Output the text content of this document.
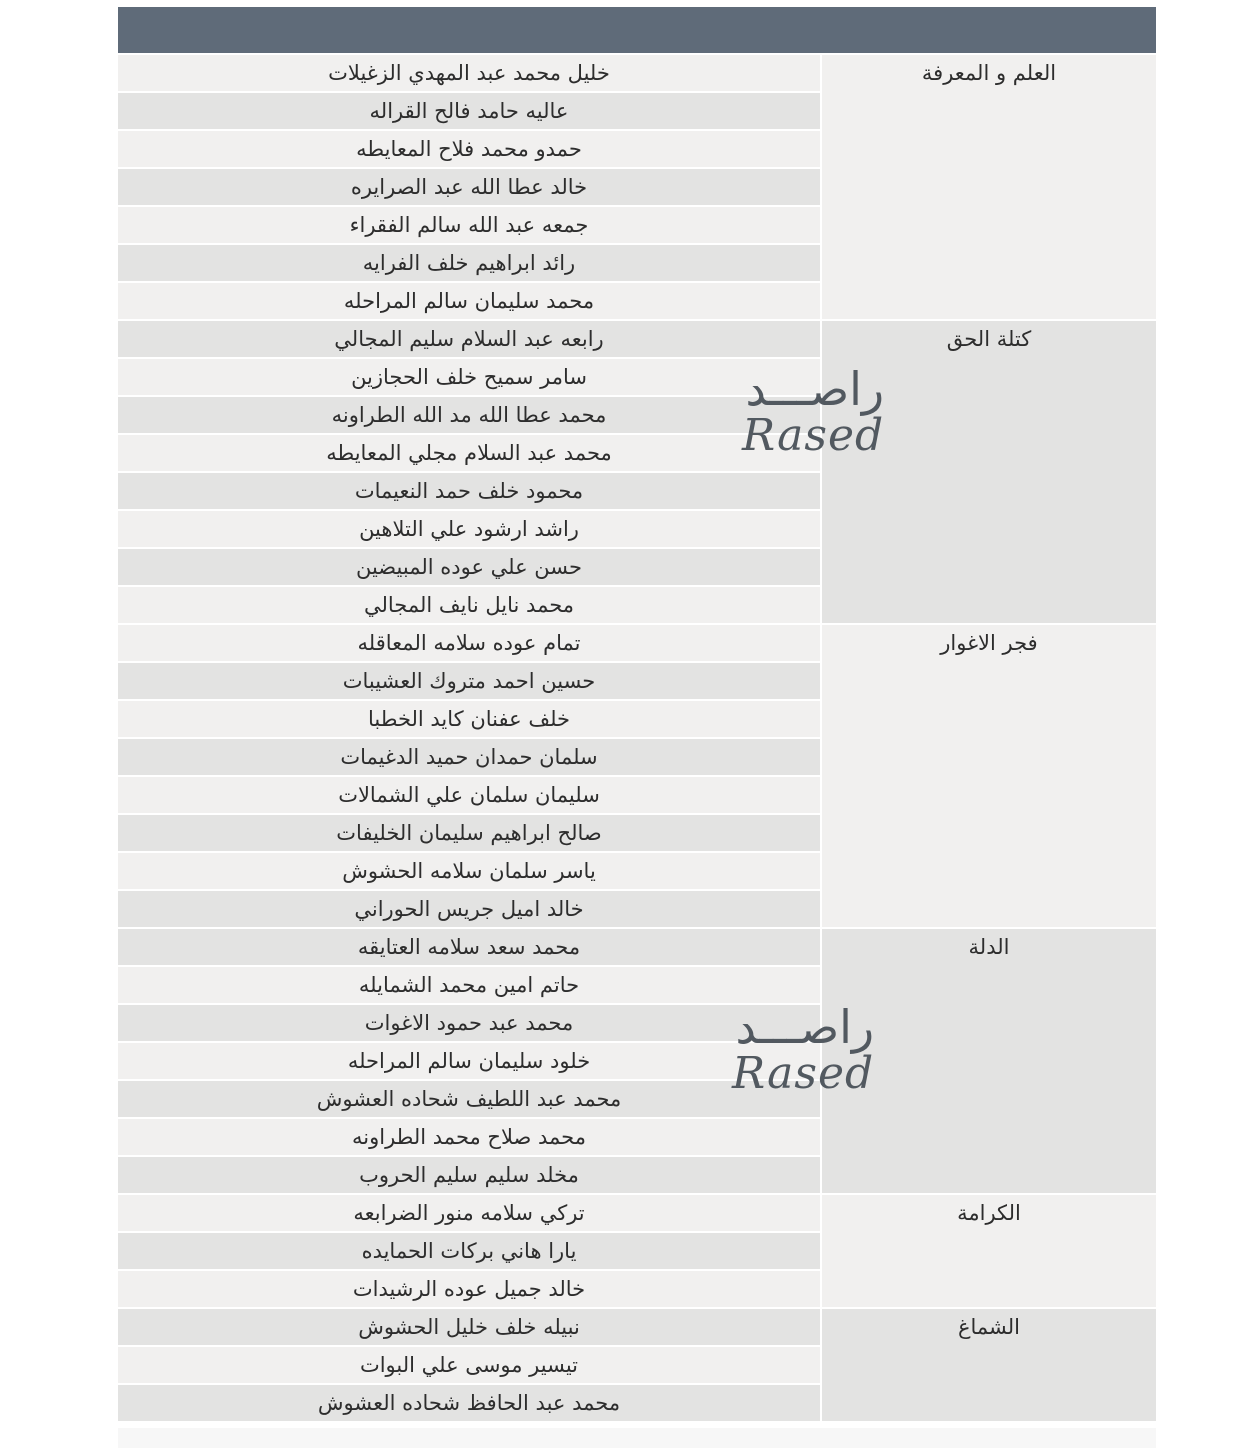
العلم و المعرفة
خليل محمد عبد المهدي الزغيلات
عاليه حامد فالح القراله
حمدو محمد فلاح المعايطه
خالد عطا الله عبد الصرايره
جمعه عبد الله سالم الفقراء
رائد ابراهيم خلف الفرايه
محمد سليمان سالم المراحله
كتلة الحق
رابعه عبد السلام سليم المجالي
سامر سميح خلف الحجازين
محمد عطا الله مد الله الطراونه
محمد عبد السلام مجلي المعايطه
محمود خلف حمد النعيمات
راشد ارشود علي التلاهين
حسن علي عوده المبيضين
محمد نايل نايف المجالي
فجر الاغوار
تمام عوده سلامه المعاقله
حسين احمد متروك العشيبات
خلف عفنان كايد الخطبا
سلمان حمدان حميد الدغيمات
سليمان سلمان علي الشمالات
صالح ابراهيم سليمان الخليفات
ياسر سلمان سلامه الحشوش
خالد اميل جريس الحوراني
الدلة
محمد سعد سلامه العتايقه
حاتم امين محمد الشمايله
محمد عبد حمود الاغوات
خلود سليمان سالم المراحله
محمد عبد اللطيف شحاده العشوش
محمد صلاح محمد الطراونه
مخلد سليم سليم الحروب
الكرامة
تركي سلامه منور الضرابعه
يارا هاني بركات الحمايده
خالد جميل عوده الرشيدات
الشماغ
نبيله خلف خليل الحشوش
تيسير موسى علي البوات
محمد عبد الحافظ شحاده العشوش
راصـــد
Rased
راصـــد
Rased
